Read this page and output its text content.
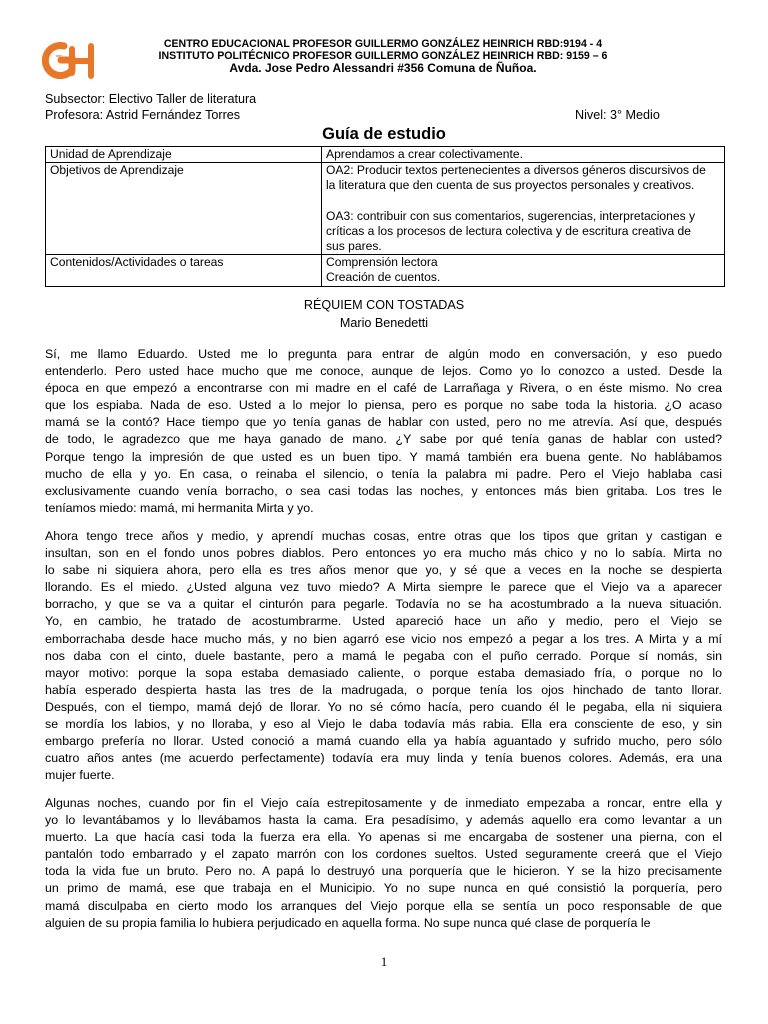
CENTRO EDUCACIONAL PROFESOR GUILLERMO GONZÁLEZ HEINRICH RBD:9194 - 4
INSTITUTO POLITÉCNICO PROFESOR GUILLERMO GONZÁLEZ HEINRICH RBD: 9159 – 6
Avda. Jose Pedro Alessandri #356 Comuna de Ñuñoa.
Subsector: Electivo Taller de literatura
Profesora: Astrid Fernández Torres	Nivel: 3° Medio
Guía de estudio
Unidad de Aprendizaje	Aprendamos a crear colectivamente.
Objetivos de Aprendizaje	OA2: Producir textos pertenecientes a diversos géneros discursivos de
la literatura que den cuenta de sus proyectos personales y creativos.
OA3: contribuir con sus comentarios, sugerencias, interpretaciones y
críticas a los procesos de lectura colectiva y de escritura creativa de
sus pares.

Contenidos/Actividades o tareas	Comprensión lectora
Creación de cuentos.
RÉQUIEM CON TOSTADAS
Mario Benedetti
Sí, me llamo Eduardo. Usted me lo pregunta para entrar de algún modo en conversación, y eso puedo
entenderlo. Pero usted hace mucho que me conoce, aunque de lejos. Como yo lo conozco a usted. Desde la
época en que empezó a encontrarse con mi madre en el café de Larrañaga y Rivera, o en éste mismo. No crea
que los espiaba. Nada de eso. Usted a lo mejor lo piensa, pero es porque no sabe toda la historia. ¿O acaso
mamá se la contó? Hace tiempo que yo tenía ganas de hablar con usted, pero no me atrevía. Así que, después
de todo, le agradezco que me haya ganado de mano. ¿Y sabe por qué tenía ganas de hablar con usted?
Porque tengo la impresión de que usted es un buen tipo. Y mamá también era buena gente. No hablábamos
mucho de ella y yo. En casa, o reinaba el silencio, o tenía la palabra mi padre. Pero el Viejo hablaba casi
exclusivamente cuando venía borracho, o sea casi todas las noches, y entonces más bien gritaba. Los tres le
teníamos miedo: mamá, mi hermanita Mirta y yo.
Ahora tengo trece años y medio, y aprendí muchas cosas, entre otras que los tipos que gritan y castigan e
insultan, son en el fondo unos pobres diablos. Pero entonces yo era mucho más chico y no lo sabía. Mirta no
lo sabe ni siquiera ahora, pero ella es tres años menor que yo, y sé que a veces en la noche se despierta
llorando. Es el miedo. ¿Usted alguna vez tuvo miedo? A Mirta siempre le parece que el Viejo va a aparecer
borracho, y que se va a quitar el cinturón para pegarle. Todavía no se ha acostumbrado a la nueva situación.
Yo, en cambio, he tratado de acostumbrarme. Usted apareció hace un año y medio, pero el Viejo se
emborrachaba desde hace mucho más, y no bien agarró ese vicio nos empezó a pegar a los tres. A Mirta y a mí
nos daba con el cinto, duele bastante, pero a mamá le pegaba con el puño cerrado. Porque sí nomás, sin
mayor motivo: porque la sopa estaba demasiado caliente, o porque estaba demasiado fría, o porque no lo
había esperado despierta hasta las tres de la madrugada, o porque tenía los ojos hinchado de tanto llorar.
Después, con el tiempo, mamá dejó de llorar. Yo no sé cómo hacía, pero cuando él le pegaba, ella ni siquiera
se mordía los labios, y no lloraba, y eso al Viejo le daba todavía más rabia. Ella era consciente de eso, y sin
embargo prefería no llorar. Usted conoció a mamá cuando ella ya había aguantado y sufrido mucho, pero sólo
cuatro años antes (me acuerdo perfectamente) todavía era muy linda y tenía buenos colores. Además, era una
mujer fuerte.
Algunas noches, cuando por fin el Viejo caía estrepitosamente y de inmediato empezaba a roncar, entre ella y
yo lo levantábamos y lo llevábamos hasta la cama. Era pesadísimo, y además aquello era como levantar a un
muerto. La que hacía casi toda la fuerza era ella. Yo apenas si me encargaba de sostener una pierna, con el
pantalón todo embarrado y el zapato marrón con los cordones sueltos. Usted seguramente creerá que el Viejo
toda la vida fue un bruto. Pero no. A papá lo destruyó una porquería que le hicieron. Y se la hizo precisamente
un primo de mamá, ese que trabaja en el Municipio. Yo no supe nunca en qué consistió la porquería, pero
mamá disculpaba en cierto modo los arranques del Viejo porque ella se sentía un poco responsable de que
alguien de su propia familia lo hubiera perjudicado en aquella forma. No supe nunca qué clase de porquería le
1
